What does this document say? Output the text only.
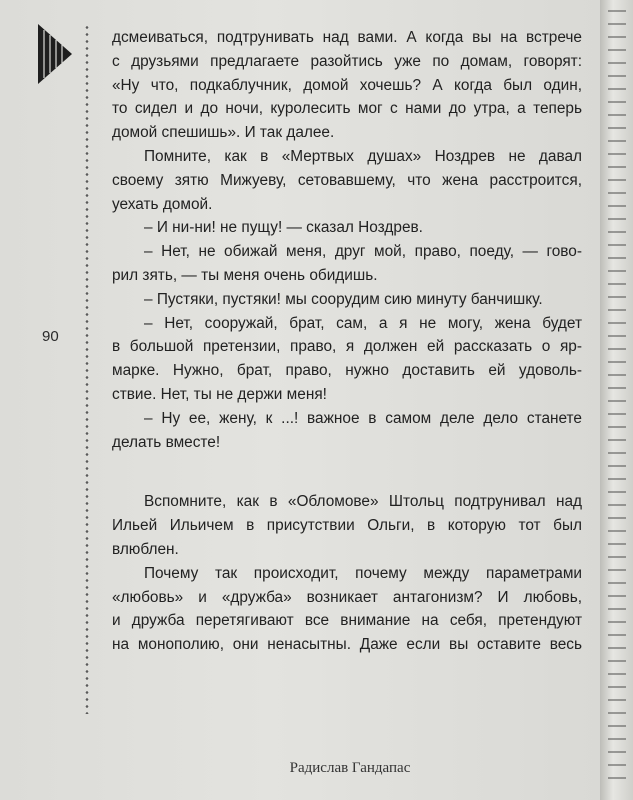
90
дсмеиваться, подтрунивать над вами. А когда вы на встрече
с друзьями предлагаете разойтись уже по домам, говорят:
«Ну что, подкаблучник, домой хочешь? А когда был один,
то сидел и до ночи, куролесить мог с нами до утра, а теперь
домой спешишь». И так далее.
Помните, как в «Мертвых душах» Ноздрев не давал
своему зятю Мижуеву, сетовавшему, что жена расстроится,
уехать домой.
– И ни-ни! не пущу! — сказал Ноздрев.
– Нет, не обижай меня, друг мой, право, поеду, — гово-
рил зять, — ты меня очень обидишь.
– Пустяки, пустяки! мы соорудим сию минуту банчишку.
– Нет, сооружай, брат, сам, а я не могу, жена будет
в большой претензии, право, я должен ей рассказать о яр-
марке. Нужно, брат, право, нужно доставить ей удоволь-
ствие. Нет, ты не держи меня!
– Ну ее, жену, к ...! важное в самом деле дело станете
делать вместе!
Вспомните, как в «Обломове» Штольц подтрунивал над
Ильей Ильичем в присутствии Ольги, в которую тот был
влюблен.
Почему так происходит, почему между параметрами
«любовь» и «дружба» возникает антагонизм? И любовь,
и дружба перетягивают все внимание на себя, претендуют
на монополию, они ненасытны. Даже если вы оставите весь
Радислав Гандапас
